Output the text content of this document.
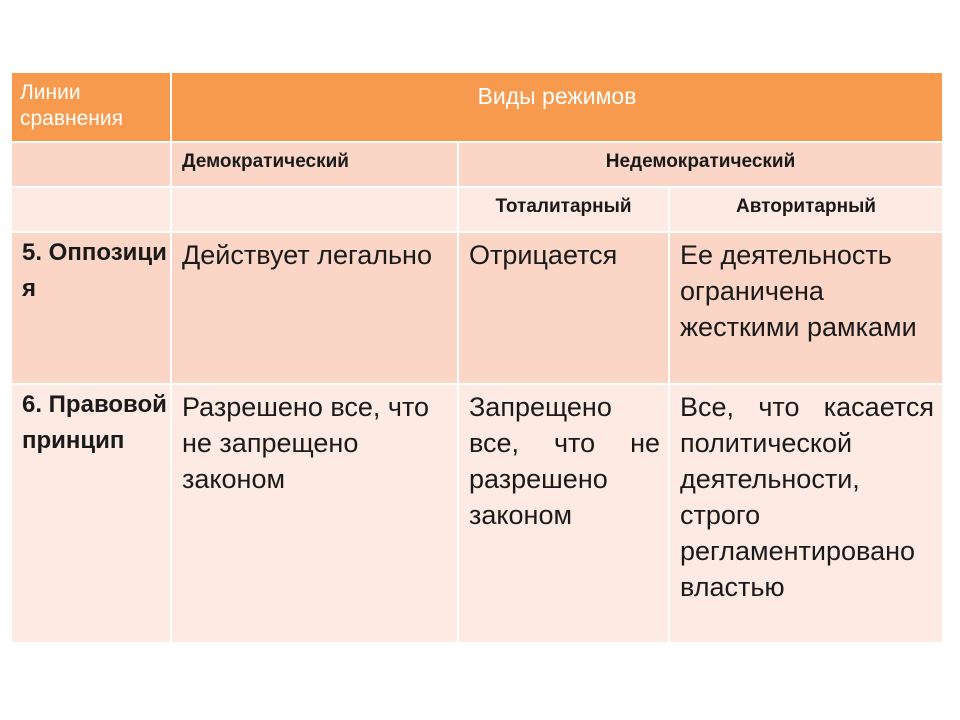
Линии сравнения	Виды режимов		
	Демократический	Недемократический	
		Тоталитарный	Авторитарный
5. Оппозиция	Действует легально	Отрицается	Ее деятельность ограничена жесткими рамками
6. Правовой принцип	Разрешено все, что не запрещено законом	Запрещено все, что не разрешено законом	Все, что касается политической деятельности, строго регламентировано властью
